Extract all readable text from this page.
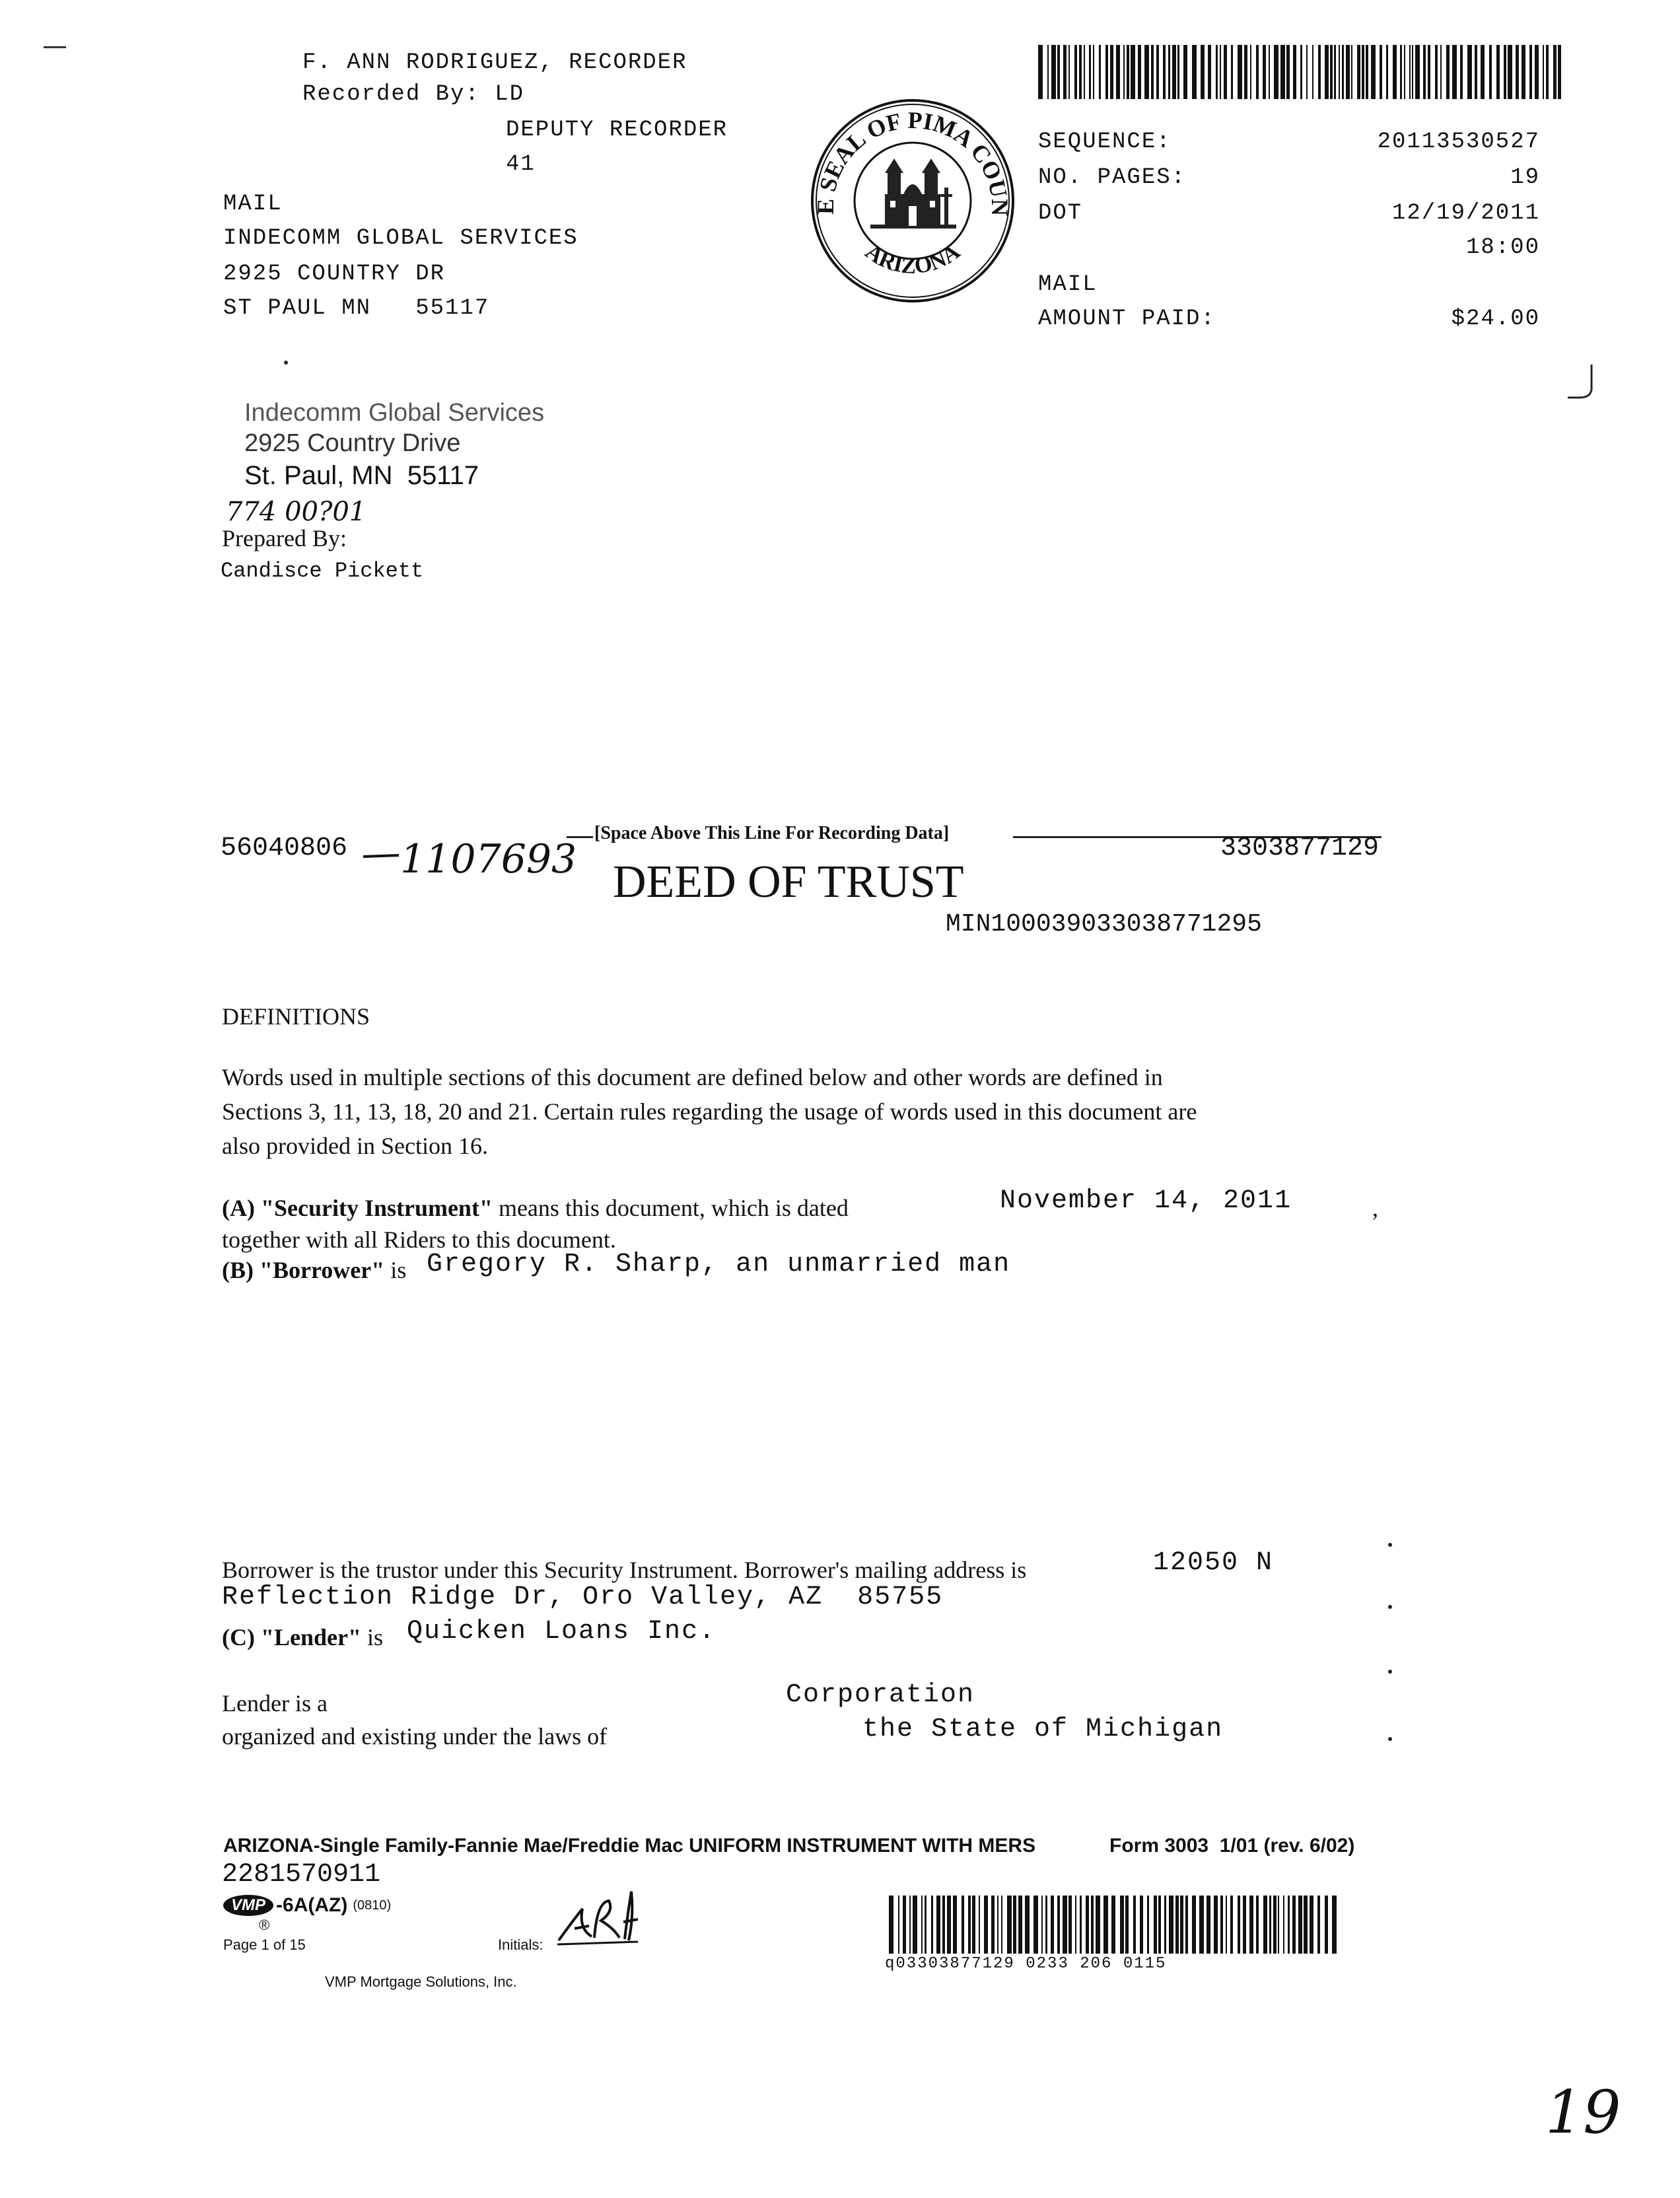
F. ANN RODRIGUEZ, RECORDER
Recorded By: LD
DEPUTY RECORDER
41
MAIL
INDECOMM GLOBAL SERVICES
2925 COUNTRY DR
ST PAUL MN   55117
E SEAL OF PIMA COUN
ARIZONA
SEQUENCE:	20113530527
NO. PAGES:	19
DOT	12/19/2011
18:00
MAIL
AMOUNT PAID:	$24.00
Indecomm Global Services
2925 Country Drive
St. Paul, MN  55117
774 00?01
Prepared By:
Candisce Pickett
[Space Above This Line For Recording Data]
56040806 1107693	3303877129
DEED OF TRUST
MIN100039033038771295
DEFINITIONS
Words used in multiple sections of this document are defined below and other words are defined in
Sections 3, 11, 13, 18, 20 and 21. Certain rules regarding the usage of words used in this document are
also provided in Section 16.
(A) "Security Instrument" means this document, which is dated	November 14, 2011	,
together with all Riders to this document.
(B) "Borrower" is Gregory R. Sharp, an unmarried man
Borrower is the trustor under this Security Instrument. Borrower's mailing address is	12050 N
Reflection Ridge Dr, Oro Valley, AZ  85755
(C) "Lender" is Quicken Loans Inc.
Lender is a	Corporation
organized and existing under the laws of	the State of Michigan
ARIZONA-Single Family-Fannie Mae/Freddie Mac UNIFORM INSTRUMENT WITH MERS	Form 3003  1/01 (rev. 6/02)
2281570911
VMP -6A(AZ) (0810)
®
Page 1 of 15	Initials:
VMP Mortgage Solutions, Inc.
q03303877129 0233 206 0115
19
